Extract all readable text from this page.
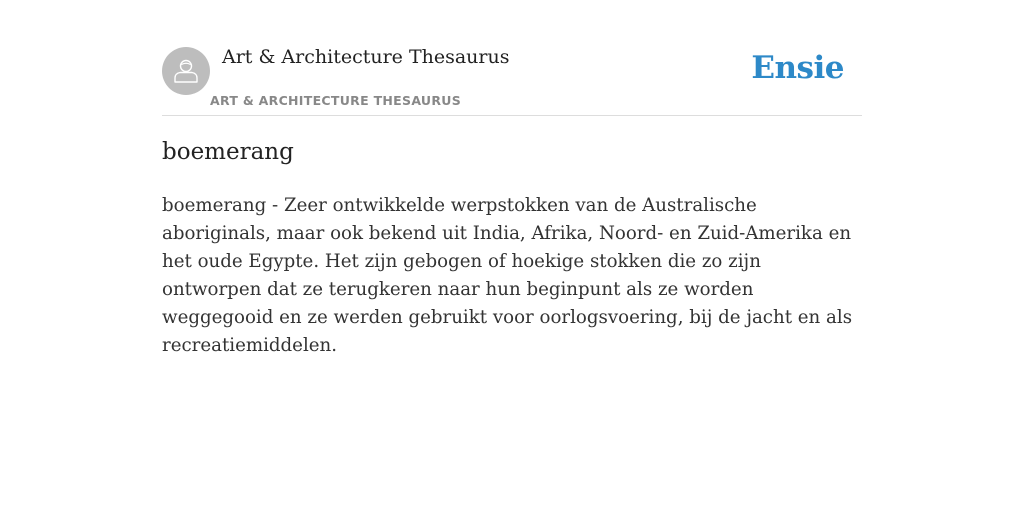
Art & Architecture Thesaurus
ART & ARCHITECTURE THESAURUS
Ensie
boemerang

boemerang - Zeer ontwikkelde werpstokken van de Australische aboriginals, maar ook bekend uit India, Afrika, Noord- en Zuid-Amerika en het oude Egypte. Het zijn gebogen of hoekige stokken die zo zijn ontworpen dat ze terugkeren naar hun beginpunt als ze worden weggegooid en ze werden gebruikt voor oorlogsvoering, bij de jacht en als recreatiemiddelen.
